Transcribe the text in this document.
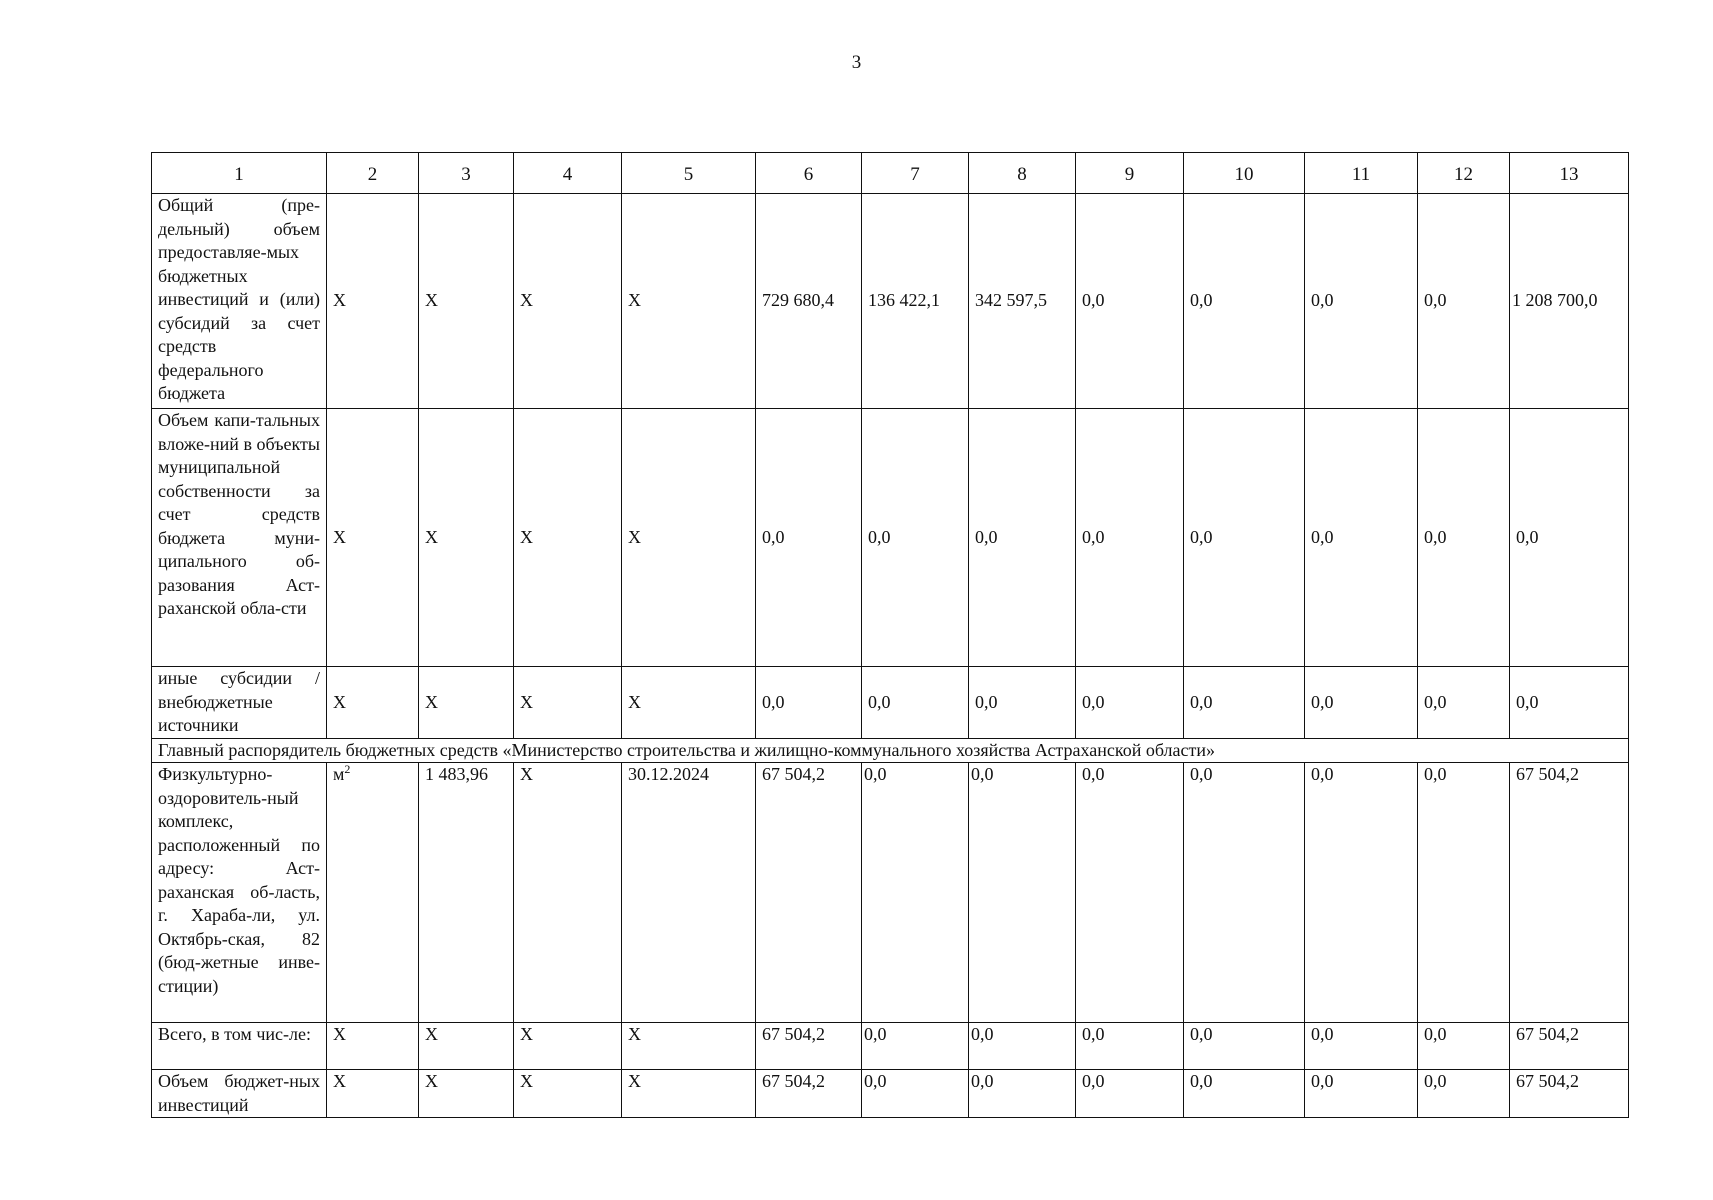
3
1	2	3	4	5	6	7	8	9	10	11	12	13
Общий (пре-дельный) объем предоставляе-мых бюджетных инвестиций и (или) субсидий за счет средств федерального бюджета	X	X	X	X	729 680,4	136 422,1	342 597,5	0,0	0,0	0,0	0,0	1 208 700,0
Объем капи-тальных вложе-ний в объекты муниципальной собственности за счет средств бюджета муни-ципального об-разования Аст-раханской обла-сти	X	X	X	X	0,0	0,0	0,0	0,0	0,0	0,0	0,0	0,0
иные субсидии / внебюджетные источники	X	X	X	X	0,0	0,0	0,0	0,0	0,0	0,0	0,0	0,0
Главный распорядитель бюджетных средств «Министерство строительства и жилищно-коммунального хозяйства Астраханской области»												
Физкультурно-оздоровитель-ный комплекс, расположенный по адресу: Аст-раханская об-ласть, г. Хараба-ли, ул. Октябрь-ская, 82 (бюд-жетные инве-стиции)	$м^2$	1 483,96	X	30.12.2024	67 504,2	0,0	0,0	0,0	0,0	0,0	0,0	67 504,2
Всего, в том чис-ле:	X	X	X	X	67 504,2	0,0	0,0	0,0	0,0	0,0	0,0	67 504,2
Объем бюджет-ных инвестиций	X	X	X	X	67 504,2	0,0	0,0	0,0	0,0	0,0	0,0	67 504,2
